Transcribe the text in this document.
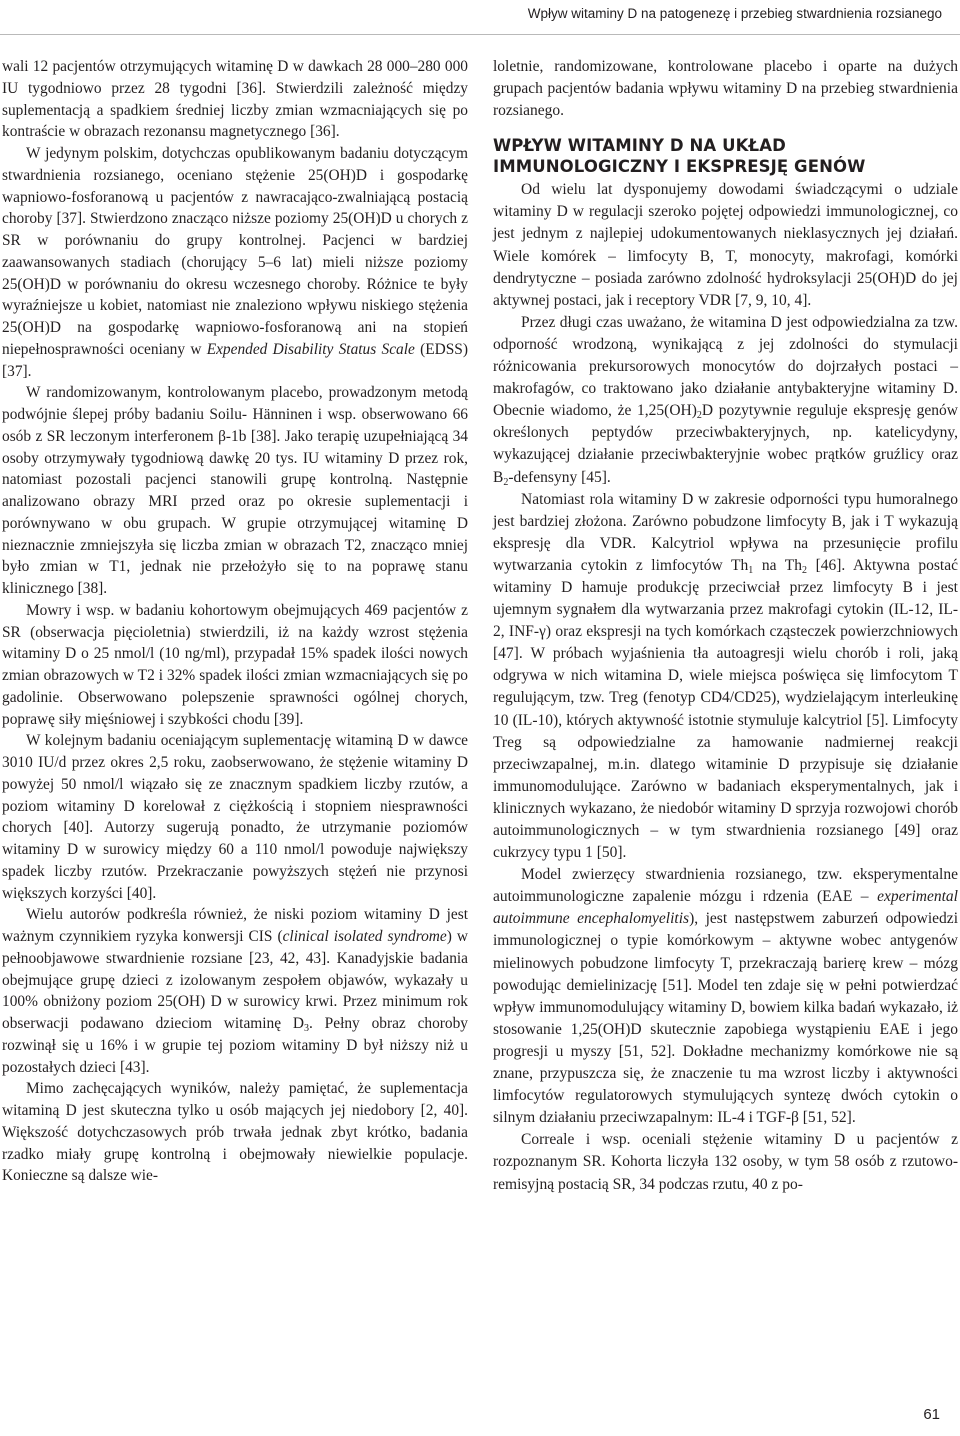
Wpływ witaminy D na patogenezę i przebieg stwardnienia rozsianego

wali 12 pacjentów otrzymujących witaminę D w dawkach 28 000–280 000 IU tygodniowo przez 28 tygodni [36]. Stwierdzili zależność między suplementacją a spadkiem średniej liczby zmian wzmacniających się po kontraście w obrazach rezonansu magnetycznego [36].

W jedynym polskim, dotychczas opublikowanym badaniu dotyczącym stwardnienia rozsianego, oceniano stężenie 25(OH)D i gospodarkę wapniowo-fosforanową u pacjentów z nawracająco-zwalniającą postacią choroby [37]. Stwierdzono znacząco niższe poziomy 25(OH)D u chorych z SR w porównaniu do grupy kontrolnej. Pacjenci w bardziej zaawansowanych stadiach (chorujący 5‒6 lat) mieli niższe poziomy 25(OH)D w porównaniu do okresu wczesnego choroby. Różnice te były wyraźniejsze u kobiet, natomiast nie znaleziono wpływu niskiego stężenia 25(OH)D na gospodarkę wapniowo-fosforanową ani na stopień niepełnosprawności oceniany w Expended Disability Status Scale (EDSS)[37].

W randomizowanym, kontrolowanym placebo, prowadzonym metodą podwójnie ślepej próby badaniu Soilu- Hänninen i wsp. obserwowano 66 osób z SR leczonym interferonem β-1b [38]. Jako terapię uzupełniającą 34 osoby otrzymywały tygodniową dawkę 20 tys. IU witaminy D przez rok, natomiast pozostali pacjenci stanowili grupę kontrolną. Następnie analizowano obrazy MRI przed oraz po okresie suplementacji i porównywano w obu grupach. W grupie otrzymującej witaminę D nieznacznie zmniejszyła się liczba zmian w obrazach T2, znacząco mniej było zmian w T1, jednak nie przełożyło się to na poprawę stanu klinicznego [38].

Mowry i wsp. w badaniu kohortowym obejmujących 469 pacjentów z SR (obserwacja pięcioletnia) stwierdzili, iż na każdy wzrost stężenia witaminy D o 25 nmol/l (10 ng/ml), przypadał 15% spadek ilości nowych zmian obrazowych w T2 i 32% spadek ilości zmian wzmacniających się po gadolinie. Obserwowano polepszenie sprawności ogólnej chorych, poprawę siły mięśniowej i szybkości chodu [39].

W kolejnym badaniu oceniającym suplementację witaminą D w dawce 3010 IU/d przez okres 2,5 roku, zaobserwowano, że stężenie witaminy D powyżej 50 nmol/l wiązało się ze znacznym spadkiem liczby rzutów, a poziom witaminy D korelował z ciężkością i stopniem niesprawności chorych [40]. Autorzy sugerują ponadto, że utrzymanie poziomów witaminy D w surowicy między 60 a 110 nmol/l powoduje największy spadek liczby rzutów. Przekraczanie powyższych stężeń nie przynosi większych korzyści [40].

Wielu autorów podkreśla również, że niski poziom witaminy D jest ważnym czynnikiem ryzyka konwersji CIS (clinical isolated syndrome) w pełnoobjawowe stwardnienie rozsiane [23, 42, 43]. Kanadyjskie badania obejmujące grupę dzieci z izolowanym zespołem objawów, wykazały u 100% obniżony poziom 25(OH) D w surowicy krwi. Przez minimum rok obserwacji podawano dzieciom witaminę $D_3$. Pełny obraz choroby rozwinął się u 16% i w grupie tej poziom witaminy D był niższy niż u pozostałych dzieci [43].

Mimo zachęcających wyników, należy pamiętać, że suplementacja witaminą D jest skuteczna tylko u osób mających jej niedobory [2, 40]. Większość dotychczasowych prób trwała jednak zbyt krótko, badania rzadko miały grupę kontrolną i obejmowały niewielkie populacje. Konieczne są dalsze wie-

loletnie, randomizowane, kontrolowane placebo i oparte na dużych grupach pacjentów badania wpływu witaminy D na przebieg stwardnienia rozsianego.

WPŁYW WITAMINY D NA UKŁAD
IMMUNOLOGICZNY I EKSPRESJĘ GENÓW

Od wielu lat dysponujemy dowodami świadczącymi o udziale witaminy D w regulacji szeroko pojętej odpowiedzi immunologicznej, co jest jednym z najlepiej udokumentowanych nieklasycznych jej działań. Wiele komórek ‒ limfocyty B, T, monocyty, makrofagi, komórki dendrytyczne ‒ posiada zarówno zdolność hydroksylacji 25(OH)D do jej aktywnej postaci, jak i receptory VDR [7, 9, 10, 4].

Przez długi czas uważano, że witamina D jest odpowiedzialna za tzw. odporność wrodzoną, wynikającą z jej zdolności do stymulacji różnicowania prekursorowych monocytów do dojrzałych postaci ‒ makrofagów, co traktowano jako działanie antybakteryjne witaminy D. Obecnie wiadomo, że $1,25(OH)_2D$ pozytywnie reguluje ekspresję genów określonych peptydów przeciwbakteryjnych, np. katelicydyny, wykazującej działanie przeciwbakteryjnie wobec prątków gruźlicy oraz $B_2$-defensyny [45].

Natomiast rola witaminy D w zakresie odporności typu humoralnego jest bardziej złożona. Zarówno pobudzone limfocyty B, jak i T wykazują ekspresję dla VDR. Kalcytriol wpływa na przesunięcie profilu wytwarzania cytokin z limfocytów $Th_1$ na $Th_2$ [46]. Aktywna postać witaminy D hamuje produkcję przeciwciał przez limfocyty B i jest ujemnym sygnałem dla wytwarzania przez makrofagi cytokin (IL-12, IL-2, INF-γ) oraz ekspresji na tych komórkach cząsteczek powierzchniowych [47]. W próbach wyjaśnienia tła autoagresji wielu chorób i roli, jaką odgrywa w nich witamina D, wiele miejsca poświęca się limfocytom T regulującym, tzw. Treg (fenotyp CD4/CD25), wydzielającym interleukinę 10 (IL-10), których aktywność istotnie stymuluje kalcytriol [5]. Limfocyty Treg są odpowiedzialne za hamowanie nadmiernej reakcji przeciwzapalnej, m.in. dlatego witaminie D przypisuje się działanie immunomodulujące. Zarówno w badaniach eksperymentalnych, jak i klinicznych wykazano, że niedobór witaminy D sprzyja rozwojowi chorób autoimmunologicznych ‒ w tym stwardnienia rozsianego [49] oraz cukrzycy typu 1 [50].

Model zwierzęcy stwardnienia rozsianego, tzw. eksperymentalne autoimmunologiczne zapalenie mózgu i rdzenia (EAE ‒ experimental autoimmune encephalomyelitis), jest następstwem zaburzeń odpowiedzi immunologicznej o typie komórkowym ‒ aktywne wobec antygenów mielinowych pobudzone limfocyty T, przekraczają barierę krew ‒ mózg powodując demielinizację [51]. Model ten zdaje się w pełni potwierdzać wpływ immunomodulujący witaminy D, bowiem kilka badań wykazało, iż stosowanie 1,25(OH)D skutecznie zapobiega wystąpieniu EAE i jego progresji u myszy [51, 52]. Dokładne mechanizmy komórkowe nie są znane, przypuszcza się, że znaczenie tu ma wzrost liczby i aktywności limfocytów regulatorowych stymulujących syntezę dwóch cytokin o silnym działaniu przeciwzapalnym: IL-4 i TGF-β [51, 52].

Correale i wsp. oceniali stężenie witaminy D u pacjentów z rozpoznanym SR. Kohorta liczyła 132 osoby, w tym 58 osób z rzutowo-remisyjną postacią SR, 34 podczas rzutu, 40 z po-

61
